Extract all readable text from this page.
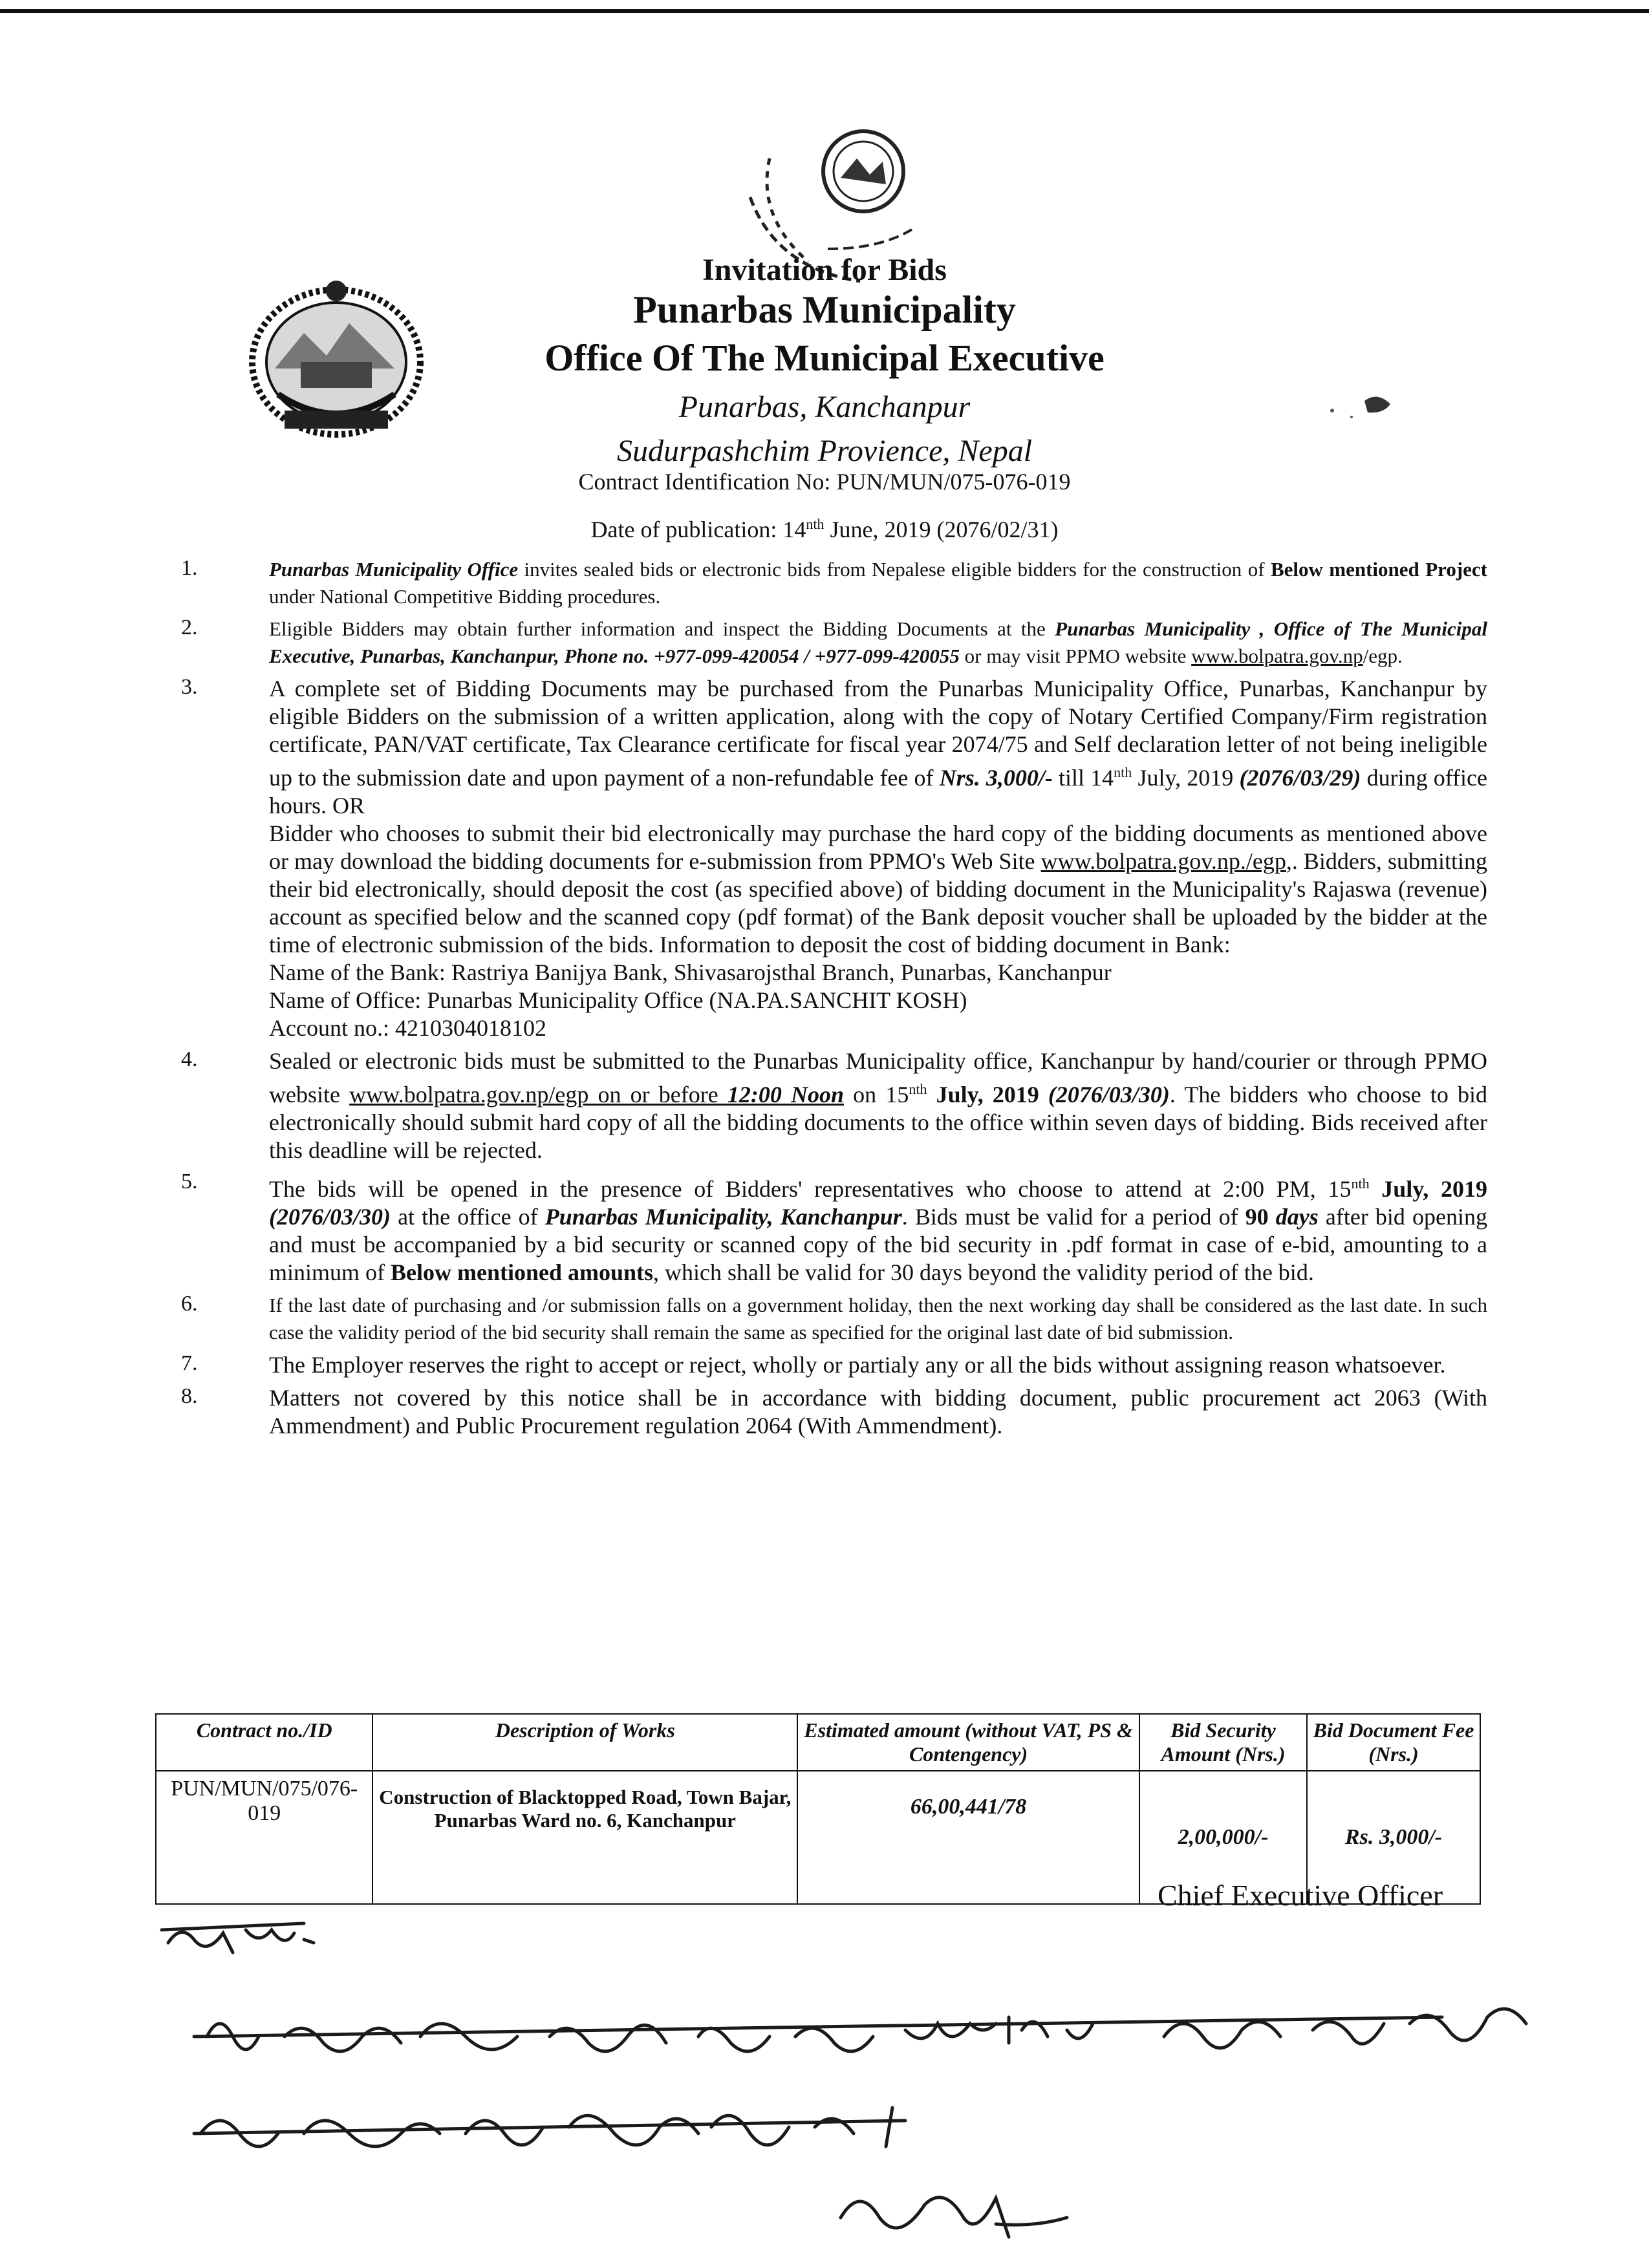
Invitation for Bids
Punarbas Municipality
Office Of The Municipal Executive
Punarbas, Kanchanpur
Sudurpashchim Provience, Nepal
Contract Identification No: PUN/MUN/075-076-019
Date of publication: $14^{nth}$ June, 2019 (2076/02/31)
1.	Punarbas Municipality Office invites sealed bids or electronic bids from Nepalese eligible bidders for the construction of Below mentioned Project under National Competitive Bidding procedures.
2.	Eligible Bidders may obtain further information and inspect the Bidding Documents at the Punarbas Municipality , Office of The Municipal Executive, Punarbas, Kanchanpur, Phone no. +977-099-420054 / +977-099-420055 or may visit PPMO website www.bolpatra.gov.np/egp.
3.	A complete set of Bidding Documents may be purchased from the Punarbas Municipality Office, Punarbas, Kanchanpur by eligible Bidders on the submission of a written application, along with the copy of Notary Certified Company/Firm registration certificate, PAN/VAT certificate, Tax Clearance certificate for fiscal year 2074/75 and Self declaration letter of not being ineligible up to the submission date and upon payment of a non-refundable fee of Nrs. 3,000/- till $14^{nth}$ July, 2019 (2076/03/29) during office hours. OR

Bidder who chooses to submit their bid electronically may purchase the hard copy of the bidding documents as mentioned above or may download the bidding documents for e-submission from PPMO's Web Site www.bolpatra.gov.np./egp,. Bidders, submitting their bid electronically, should deposit the cost (as specified above) of bidding document in the Municipality's Rajaswa (revenue) account as specified below and the scanned copy (pdf format) of the Bank deposit voucher shall be uploaded by the bidder at the time of electronic submission of the bids. Information to deposit the cost of bidding document in Bank:

Name of the Bank: Rastriya Banijya Bank, Shivasarojsthal Branch, Punarbas, Kanchanpur

Name of Office: Punarbas Municipality Office (NA.PA.SANCHIT KOSH)

Account no.: 4210304018102

4.	Sealed or electronic bids must be submitted to the Punarbas Municipality office, Kanchanpur by hand/courier or through PPMO website www.bolpatra.gov.np/egp on or before 12:00 Noon on $15^{nth}$ July, 2019 (2076/03/30). The bidders who choose to bid electronically should submit hard copy of all the bidding documents to the office within seven days of bidding. Bids received after this deadline will be rejected.
5.	The bids will be opened in the presence of Bidders' representatives who choose to attend at 2:00 PM, $15^{nth}$ July, 2019 (2076/03/30) at the office of Punarbas Municipality, Kanchanpur. Bids must be valid for a period of 90 days after bid opening and must be accompanied by a bid security or scanned copy of the bid security in .pdf format in case of e-bid, amounting to a minimum of Below mentioned amounts, which shall be valid for 30 days beyond the validity period of the bid.
6.	If the last date of purchasing and /or submission falls on a government holiday, then the next working day shall be considered as the last date. In such case the validity period of the bid security shall remain the same as specified for the original last date of bid submission.
7.	The Employer reserves the right to accept or reject, wholly or partialy any or all the bids without assigning reason whatsoever.
8.	Matters not covered by this notice shall be in accordance with bidding document, public procurement act 2063 (With Ammendment) and Public Procurement regulation 2064 (With Ammendment).
Contract no./ID	Description of Works	Estimated amount (without VAT, PS & Contengency)	Bid Security Amount (Nrs.)	Bid Document Fee (Nrs.)
PUN/MUN/075/076-019	Construction of Blacktopped Road, Town Bajar, Punarbas Ward no. 6, Kanchanpur	66,00,441/78	2,00,000/-	Rs. 3,000/-
Chief Executive Officer
